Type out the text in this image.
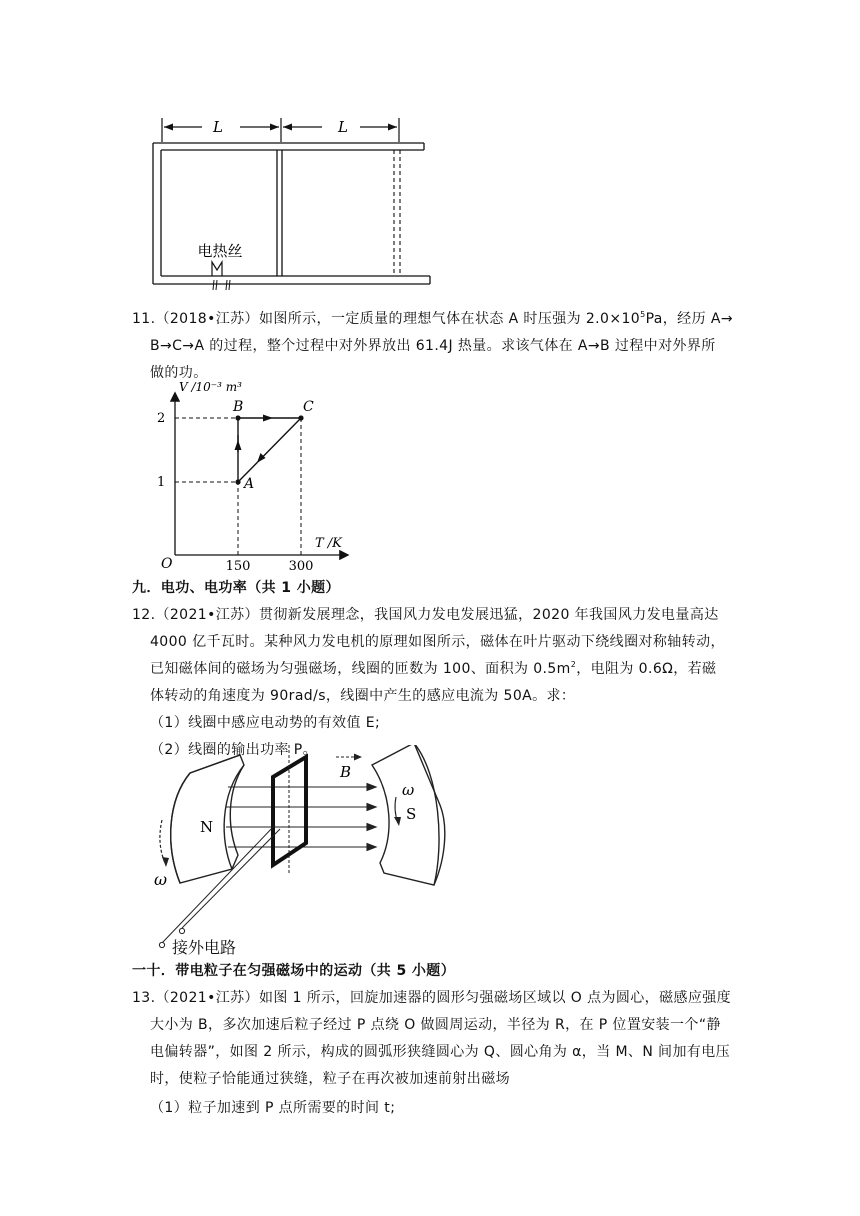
L	L
电热丝
11.（2018•江苏）如图所示，一定质量的理想气体在状态 A 时压强为 $2.0\times 10^5Pa$，经历 A→
B→C→A 的过程，整个过程中对外界放出 61.4J 热量。求该气体在 A→B 过程中对外界所
做的功。
V /10⁻³ m³
T /K
O
1
2
150	300
A
B	C
九．电功、电功率（共 1 小题）
12.（2021•江苏）贯彻新发展理念，我国风力发电发展迅猛，2020 年我国风力发电量高达
4000 亿千瓦时。某种风力发电机的原理如图所示，磁体在叶片驱动下绕线圈对称轴转动，
已知磁体间的磁场为匀强磁场，线圈的匝数为 100、面积为 $0.5m^2$，电阻为 0.6Ω，若磁
体转动的角速度为 90rad/s，线圈中产生的感应电流为 50A。求：
（1）线圈中感应电动势的有效值 E;
（2）线圈的输出功率 P。
N
ω
B
ω
S
接外电路
一十．带电粒子在匀强磁场中的运动（共 5 小题）
13.（2021•江苏）如图 1 所示，回旋加速器的圆形匀强磁场区域以 O 点为圆心，磁感应强度
大小为 B，多次加速后粒子经过 P 点绕 O 做圆周运动，半径为 R，在 P 位置安装一个“静
电偏转器”，如图 2 所示，构成的圆弧形狭缝圆心为 Q、圆心角为 α，当 M、N 间加有电压
时，使粒子恰能通过狭缝，粒子在再次被加速前射出磁场
（1）粒子加速到 P 点所需要的时间 t;
